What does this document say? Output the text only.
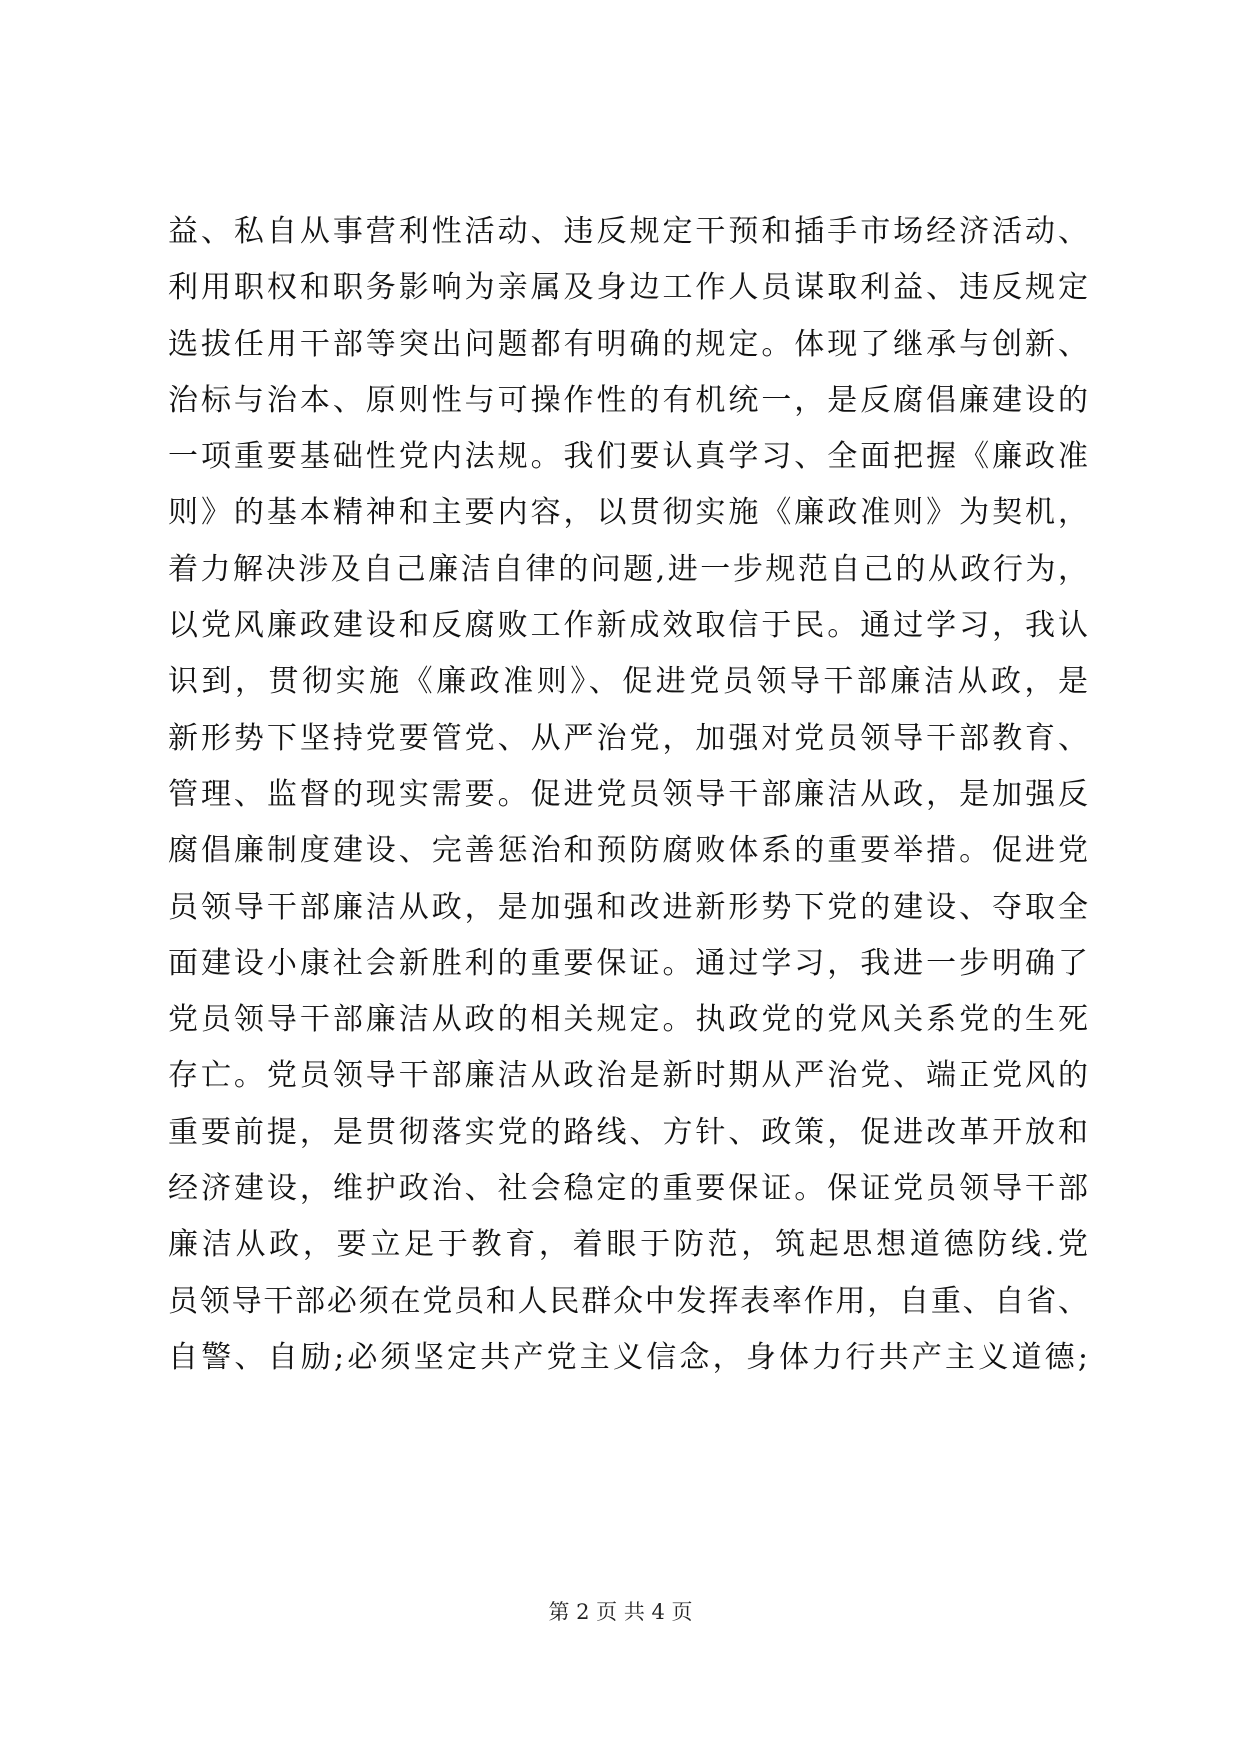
益、私自从事营利性活动、违反规定干预和插手市场经济活动、
利用职权和职务影响为亲属及身边工作人员谋取利益、违反规定
选拔任用干部等突出问题都有明确的规定。体现了继承与创新、
治标与治本、原则性与可操作性的有机统一，是反腐倡廉建设的
一项重要基础性党内法规。我们要认真学习、全面把握《廉政准
则》的基本精神和主要内容，以贯彻实施《廉政准则》为契机，
着力解决涉及自己廉洁自律的问题,进一步规范自己的从政行为，
以党风廉政建设和反腐败工作新成效取信于民。通过学习，我认
识到，贯彻实施《廉政准则》、促进党员领导干部廉洁从政，是
新形势下坚持党要管党、从严治党，加强对党员领导干部教育、
管理、监督的现实需要。促进党员领导干部廉洁从政，是加强反
腐倡廉制度建设、完善惩治和预防腐败体系的重要举措。促进党
员领导干部廉洁从政，是加强和改进新形势下党的建设、夺取全
面建设小康社会新胜利的重要保证。通过学习，我进一步明确了
党员领导干部廉洁从政的相关规定。执政党的党风关系党的生死
存亡。党员领导干部廉洁从政治是新时期从严治党、端正党风的
重要前提，是贯彻落实党的路线、方针、政策，促进改革开放和
经济建设，维护政治、社会稳定的重要保证。保证党员领导干部
廉洁从政，要立足于教育，着眼于防范，筑起思想道德防线.党
员领导干部必须在党员和人民群众中发挥表率作用，自重、自省、
自警、自励;必须坚定共产党主义信念，身体力行共产主义道德;
第 2 页 共 4 页
